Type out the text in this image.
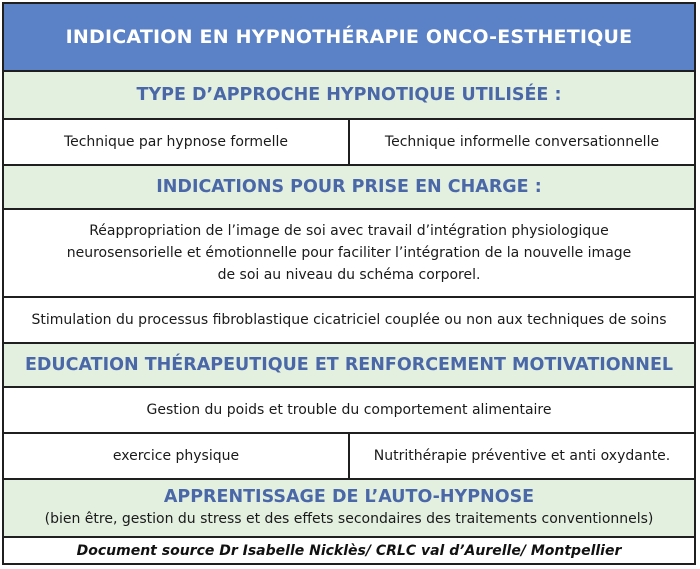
INDICATION EN HYPNOTHÉRAPIE ONCO-ESTHETIQUE
TYPE D’APPROCHE HYPNOTIQUE UTILISÉE :
Technique par hypnose formelle	Technique informelle conversationnelle
INDICATIONS POUR PRISE EN CHARGE :
Réappropriation de l’image de soi avec travail d’intégration physiologique
neurosensorielle et émotionnelle pour faciliter l’intégration de la nouvelle image
de soi au niveau du schéma corporel.
Stimulation du processus fibroblastique cicatriciel couplée ou non aux techniques de soins
EDUCATION THÉRAPEUTIQUE ET RENFORCEMENT MOTIVATIONNEL
Gestion du poids et trouble du comportement alimentaire
exercice physique	Nutrithérapie préventive et anti oxydante.
APPRENTISSAGE DE L’AUTO-HYPNOSE
(bien être, gestion du stress et des effets secondaires des traitements conventionnels)
Document source Dr Isabelle Nicklès/ CRLC val d’Aurelle/ Montpellier
